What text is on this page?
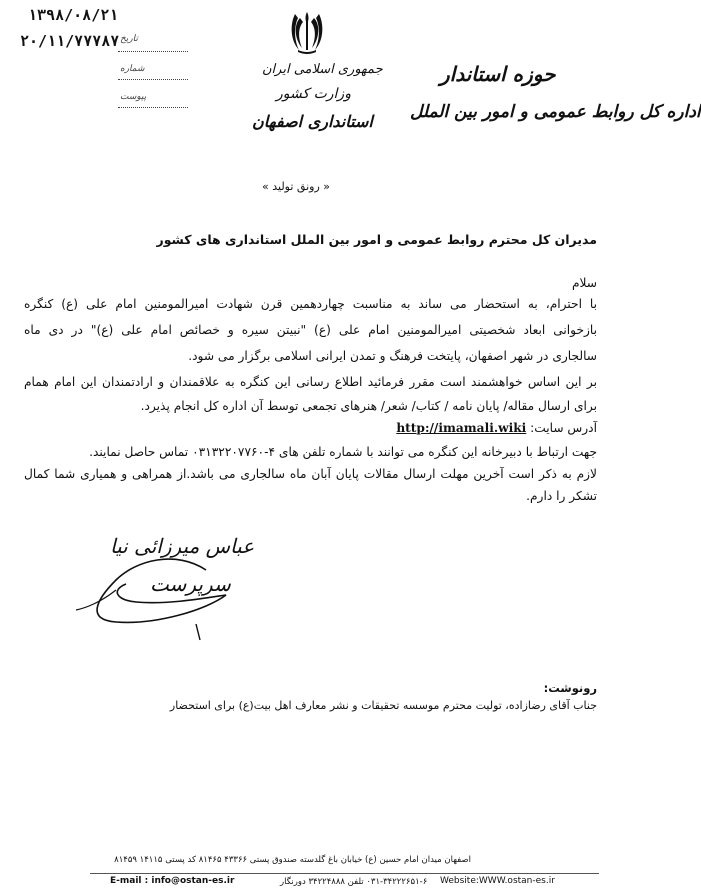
۱۳۹۸/۰۸/۲۱
تاریخ
۲۰/۱۱/۷۷۷۸۷
شماره
پیوست
جمهوری اسلامی ایران
وزارت کشور
استانداری اصفهان
حوزه استاندار
اداره کل روابط عمومی و امور بین الملل
« رونق تولید »
مدیران کل محترم روابط عمومی و امور بین الملل استانداری های کشور
سلام
با احترام، به استحضار می ساند به مناسبت چهاردهمین قرن شهادت امیرالمومنین امام علی (ع) کنگره
بازخوانی ابعاد شخصیتی امیرالمومنین امام علی (ع) "نبیتن سیره و خصائص امام علی (ع)" در دی ماه
سالجاری در شهر اصفهان، پایتخت فرهنگ و تمدن ایرانی اسلامی برگزار می شود.
بر این اساس خواهشمند است مقرر فرمائید اطلاع رسانی این کنگره به علاقمندان و ارادتمندان این امام همام
برای ارسال مقاله/ پایان نامه / کتاب/ شعر/ هنرهای تجمعی توسط آن اداره کل انجام پذیرد.
آدرس سایت: http://imamali.wiki
جهت ارتباط با دبیرخانه این کنگره می توانند با شماره تلفن های ۴-۰۳۱۳۲۲۰۷۷۶۰ تماس حاصل نمایند.
لازم به ذکر است آخرین مهلت ارسال مقالات پایان آبان ماه سالجاری می باشد.از همراهی و همیاری شما کمال
تشکر را دارم.
عباس میرزائی نیا
سرپرست
رونوشت:
جناب آقای رضازاده، تولیت محترم موسسه تحقیقات و نشر معارف اهل بیت(ع) برای استحضار
اصفهان میدان امام حسین (ع) خیابان باغ گلدسته صندوق پستی ۴۳۳۶۶ ۸۱۴۶۵ کد پستی ۱۴۱۱۵ ۸۱۴۵۹
E-mail : info@ostan-es.ir	۰۳۱-۳۴۲۲۲۶۵۱-۶ تلفن ۳۴۲۲۴۸۸۸ دورنگار Website:WWW.ostan-es.ir
